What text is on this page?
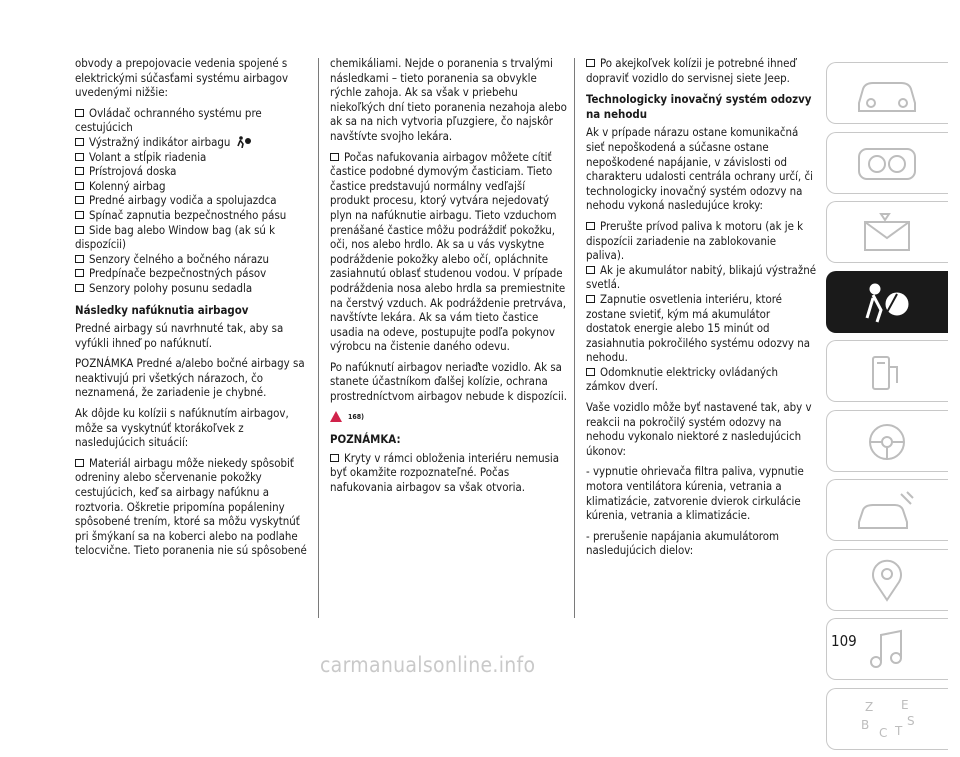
obvody a prepojovacie vedenia spojené s elektrickými súčasťami systému airbagov uvedenými nižšie:

Ovládač ochranného systému pre cestujúcich
Výstražný indikátor airbagu
Volant a stĺpik riadenia
Prístrojová doska
Kolenný airbag
Predné airbagy vodiča a spolujazdca
Spínač zapnutia bezpečnostného pásu
Side bag alebo Window bag (ak sú k dispozícii)
Senzory čelného a bočného nárazu
Predpínače bezpečnostných pásov
Senzory polohy posunu sedadla
Následky nafúknutia airbagov

Predné airbagy sú navrhnuté tak, aby sa vyfúkli ihneď po nafúknutí.

POZNÁMKA Predné a/alebo bočné airbagy sa neaktivujú pri všetkých nárazoch, čo neznamená, že zariadenie je chybné.

Ak dôjde ku kolízii s nafúknutím airbagov, môže sa vyskytnúť ktorákoľvek z nasledujúcich situácií:

Materiál airbagu môže niekedy spôsobiť odreniny alebo sčervenanie pokožky cestujúcich, keď sa airbagy nafúknu a roztvoria. Oškretie pripomína popáleniny spôsobené trením, ktoré sa môžu vyskytnúť pri šmýkaní sa na koberci alebo na podlahe telocvične. Tieto poranenia nie sú spôsobené

chemikáliami. Nejde o poranenia s trvalými následkami – tieto poranenia sa obvykle rýchle zahoja. Ak sa však v priebehu niekoľkých dní tieto poranenia nezahoja alebo ak sa na nich vytvoria pľuzgiere, čo najskôr navštívte svojho lekára.

Počas nafukovania airbagov môžete cítiť častice podobné dymovým časticiam. Tieto častice predstavujú normálny vedľajší produkt procesu, ktorý vytvára nejedovatý plyn na nafúknutie airbagu. Tieto vzduchom prenášané častice môžu podráždiť pokožku, oči, nos alebo hrdlo. Ak sa u vás vyskytne podráždenie pokožky alebo očí, opláchnite zasiahnutú oblasť studenou vodou. V prípade podráždenia nosa alebo hrdla sa premiestnite na čerstvý vzduch. Ak podráždenie pretrváva, navštívte lekára. Ak sa vám tieto častice usadia na odeve, postupujte podľa pokynov výrobcu na čistenie daného odevu.

Po nafúknutí airbagov neriaďte vozidlo. Ak sa stanete účastníkom ďalšej kolízie, ochrana prostredníctvom airbagov nebude k dispozícii.

168)
POZNÁMKA:
Kryty v rámci obloženia interiéru nemusia byť okamžite rozpoznateľné. Počas nafukovania airbagov sa však otvoria.
Po akejkoľvek kolízii je potrebné ihneď dopraviť vozidlo do servisnej siete Jeep.
Technologicky inovačný systém odozvy na nehodu

Ak v prípade nárazu ostane komunikačná sieť nepoškodená a súčasne ostane nepoškodené napájanie, v závislosti od charakteru udalosti centrála ochrany určí, či technologicky inovačný systém odozvy na nehodu vykoná nasledujúce kroky:

Prerušte prívod paliva k motoru (ak je k dispozícii zariadenie na zablokovanie paliva).
Ak je akumulátor nabitý, blikajú výstražné svetlá.
Zapnutie osvetlenia interiéru, ktoré zostane svietiť, kým má akumulátor dostatok energie alebo 15 minút od zasiahnutia pokročilého systému odozvy na nehodu.
Odomknutie elektricky ovládaných zámkov dverí.

Vaše vozidlo môže byť nastavené tak, aby v reakcii na pokročilý systém odozvy na nehodu vykonalo niektoré z nasledujúcich úkonov:

- vypnutie ohrievača filtra paliva, vypnutie motora ventilátora kúrenia, vetrania a klimatizácie, zatvorenie dvierok cirkulácie kúrenia, vetrania a klimatizácie.

- prerušenie napájania akumulátorom nasledujúcich dielov:

Z E
B
C T
S
109
carmanualsonline.info
